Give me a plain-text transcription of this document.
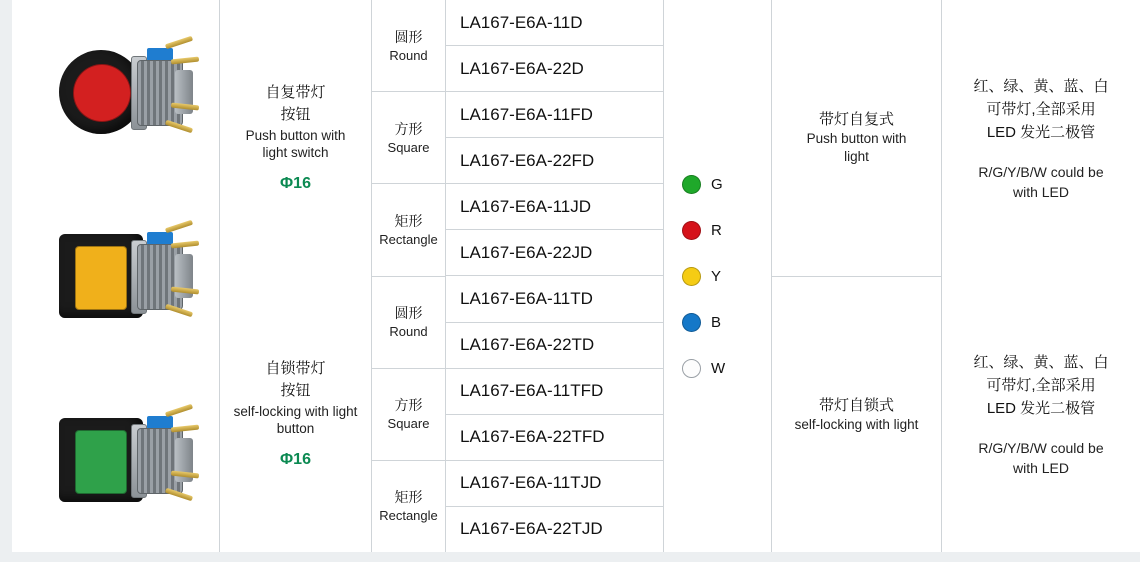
自复带灯
按钮
Push button with
light switch
Φ16
自锁带灯
按钮
self-locking with light
button
Φ16
圆形
Round
方形
Square
矩形
Rectangle
圆形
Round
方形
Square
矩形
Rectangle
LA167-E6A-11D
LA167-E6A-22D
LA167-E6A-11FD
LA167-E6A-22FD
LA167-E6A-11JD
LA167-E6A-22JD
LA167-E6A-11TD
LA167-E6A-22TD
LA167-E6A-11TFD
LA167-E6A-22TFD
LA167-E6A-11TJD
LA167-E6A-22TJD
G
R
Y
B
W
带灯自复式
Push button with
light
带灯自锁式
self-locking with light
红、绿、黄、蓝、白
可带灯,全部采用
LED 发光二极管
R/G/Y/B/W could be
with LED
红、绿、黄、蓝、白
可带灯,全部采用
LED 发光二极管
R/G/Y/B/W could be
with LED
